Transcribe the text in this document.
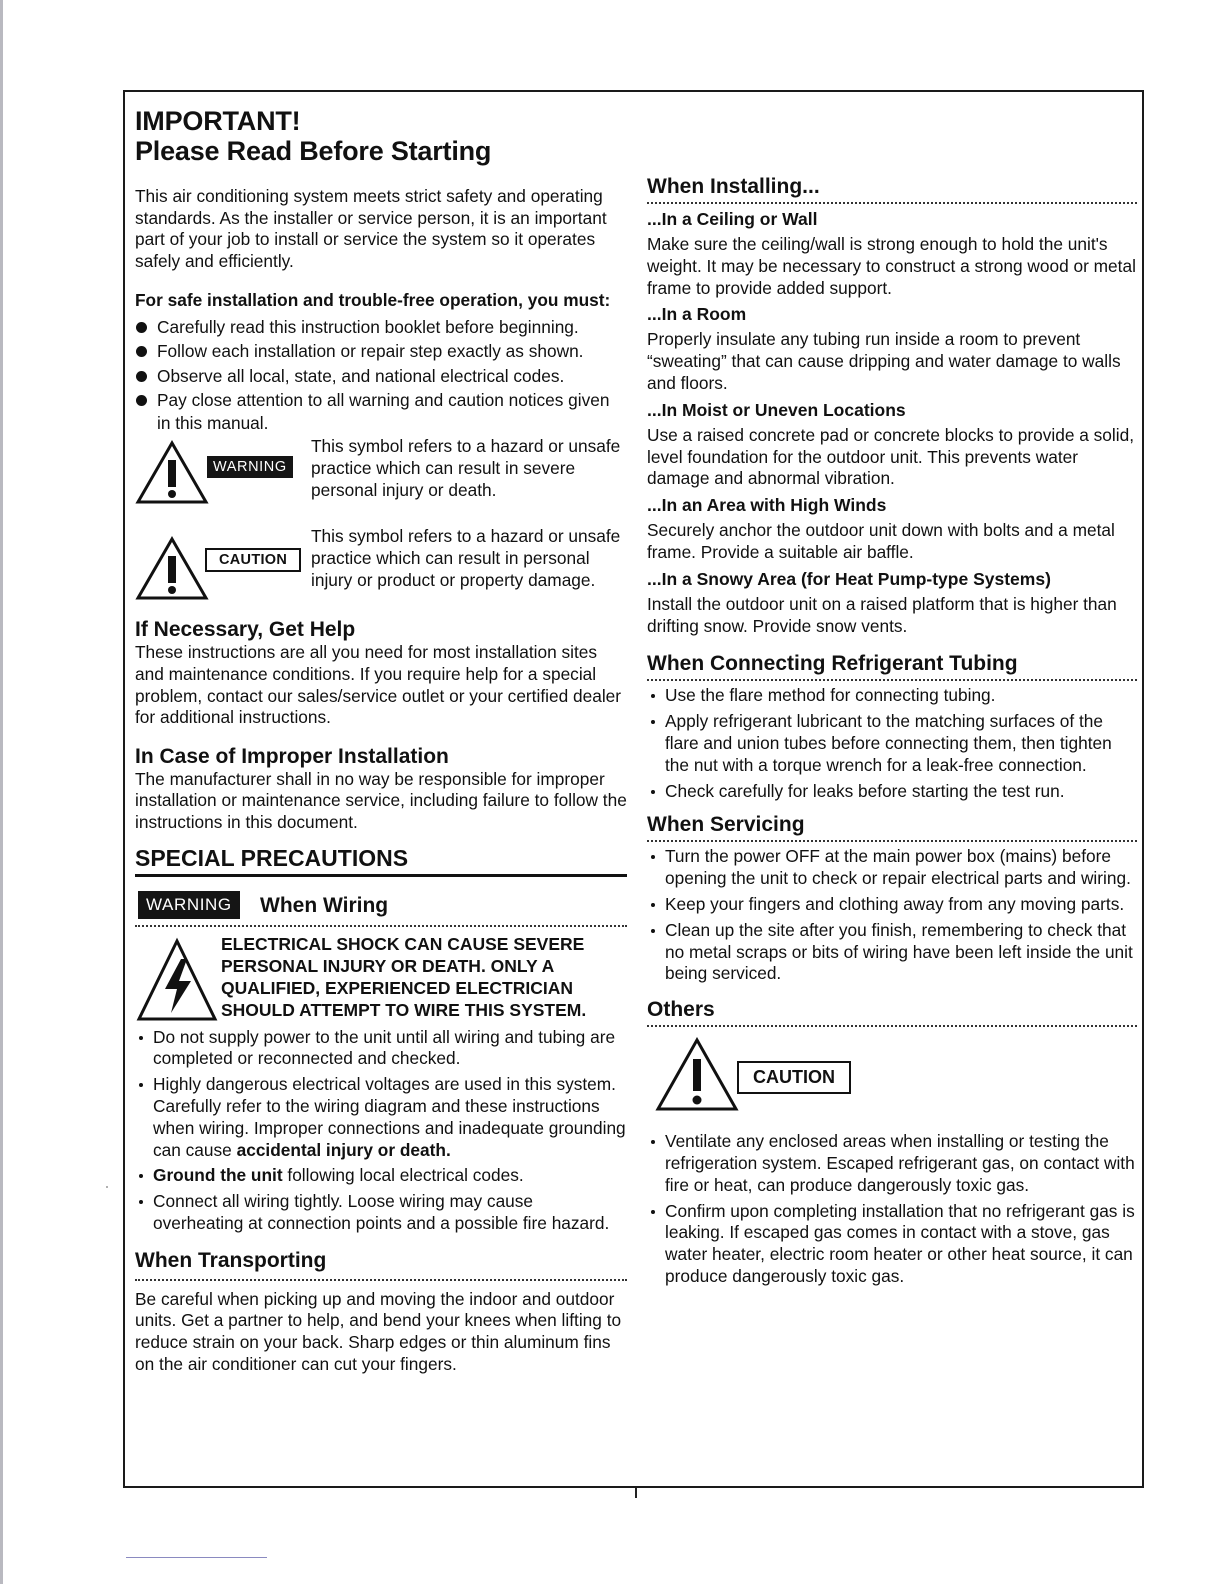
IMPORTANT!
Please Read Before Starting

This air conditioning system meets strict safety and operating standards. As the installer or service person, it is an important part of your job to install or service the system so it operates safely and efficiently.

For safe installation and trouble-free operation, you must:

Carefully read this instruction booklet before beginning.
Follow each installation or repair step exactly as shown.
Observe all local, state, and national electrical codes.
Pay close attention to all warning and caution notices given in this manual.
WARNING

This symbol refers to a hazard or unsafe practice which can result in severe personal injury or death.

CAUTION

This symbol refers to a hazard or unsafe practice which can result in personal injury or product or property damage.

If Necessary, Get Help

These instructions are all you need for most installation sites and maintenance conditions. If you require help for a special problem, contact our sales/service outlet or your certified dealer for additional instructions.

In Case of Improper Installation

The manufacturer shall in no way be responsible for improper installation or maintenance service, including failure to follow the instructions in this document.

SPECIAL PRECAUTIONS
WARNING	When Wiring

ELECTRICAL SHOCK CAN CAUSE SEVERE PERSONAL INJURY OR DEATH. ONLY A QUALIFIED, EXPERIENCED ELECTRICIAN SHOULD ATTEMPT TO WIRE THIS SYSTEM.

Do not supply power to the unit until all wiring and tubing are completed or reconnected and checked.
Highly dangerous electrical voltages are used in this system. Carefully refer to the wiring diagram and these instructions when wiring. Improper connections and inadequate grounding can cause accidental injury or death.
Ground the unit following local electrical codes.
Connect all wiring tightly. Loose wiring may cause overheating at connection points and a possible fire hazard.
When Transporting

Be careful when picking up and moving the indoor and outdoor units. Get a partner to help, and bend your knees when lifting to reduce strain on your back. Sharp edges or thin aluminum fins on the air conditioner can cut your fingers.

When Installing...

...In a Ceiling or Wall

Make sure the ceiling/wall is strong enough to hold the unit's weight. It may be necessary to construct a strong wood or metal frame to provide added support.

...In a Room

Properly insulate any tubing run inside a room to prevent “sweating” that can cause dripping and water damage to walls and floors.

...In Moist or Uneven Locations

Use a raised concrete pad or concrete blocks to provide a solid, level foundation for the outdoor unit. This prevents water damage and abnormal vibration.

...In an Area with High Winds

Securely anchor the outdoor unit down with bolts and a metal frame. Provide a suitable air baffle.

...In a Snowy Area (for Heat Pump-type Systems)

Install the outdoor unit on a raised platform that is higher than drifting snow. Provide snow vents.

When Connecting Refrigerant Tubing
Use the flare method for connecting tubing.
Apply refrigerant lubricant to the matching surfaces of the flare and union tubes before connecting them, then tighten the nut with a torque wrench for a leak-free connection.
Check carefully for leaks before starting the test run.
When Servicing
Turn the power OFF at the main power box (mains) before opening the unit to check or repair electrical parts and wiring.
Keep your fingers and clothing away from any moving parts.
Clean up the site after you finish, remembering to check that no metal scraps or bits of wiring have been left inside the unit being serviced.
Others
CAUTION
Ventilate any enclosed areas when installing or testing the refrigeration system. Escaped refrigerant gas, on contact with fire or heat, can produce dangerously toxic gas.
Confirm upon completing installation that no refrigerant gas is leaking. If escaped gas comes in contact with a stove, gas water heater, electric room heater or other heat source, it can produce dangerously toxic gas.
